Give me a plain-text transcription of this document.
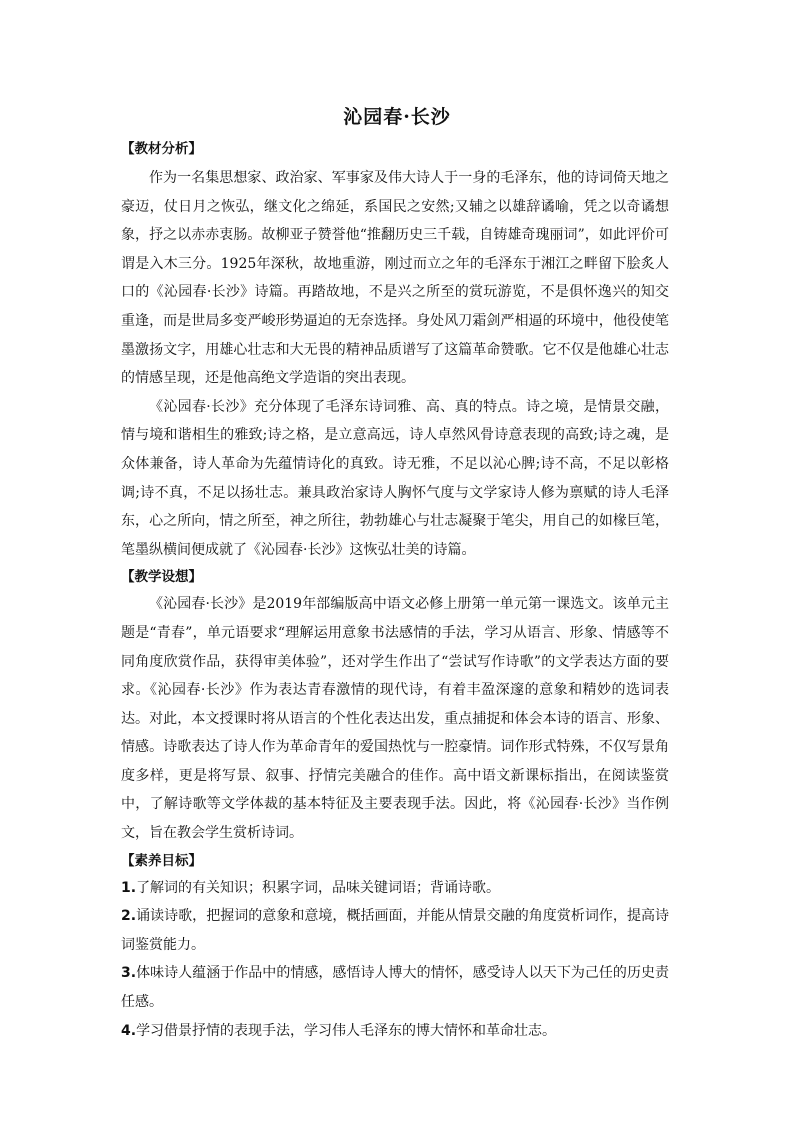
沁园春·长沙
【教材分析】

作为一名集思想家、政治家、军事家及伟大诗人于一身的毛泽东，他的诗词倚天地之豪迈，仗日月之恢弘，继文化之绵延，系国民之安然;又辅之以雄辞谲喻，凭之以奇谲想象，抒之以赤赤衷肠。故柳亚子赞誉他“推翻历史三千载，自铸雄奇瑰丽词”，如此评价可谓是入木三分。1925年深秋，故地重游，刚过而立之年的毛泽东于湘江之畔留下脍炙人口的《沁园春·长沙》诗篇。再踏故地，不是兴之所至的赏玩游览，不是俱怀逸兴的知交重逢，而是世局多变严峻形势逼迫的无奈选择。身处风刀霜剑严相逼的环境中，他役使笔墨激扬文字，用雄心壮志和大无畏的精神品质谱写了这篇革命赞歌。它不仅是他雄心壮志的情感呈现，还是他高绝文学造诣的突出表现。

《沁园春·长沙》充分体现了毛泽东诗词雅、高、真的特点。诗之境，是情景交融，情与境和谐相生的雅致;诗之格，是立意高远，诗人卓然风骨诗意表现的高致;诗之魂，是众体兼备，诗人革命为先蕴情诗化的真致。诗无雅，不足以沁心脾;诗不高，不足以彰格调;诗不真，不足以扬壮志。兼具政治家诗人胸怀气度与文学家诗人修为禀赋的诗人毛泽东，心之所向，情之所至，神之所往，勃勃雄心与壮志凝聚于笔尖，用自己的如椽巨笔，笔墨纵横间便成就了《沁园春·长沙》这恢弘壮美的诗篇。

【教学设想】

《沁园春·长沙》是2019年部编版高中语文必修上册第一单元第一课选文。该单元主题是“青春”，单元语要求“理解运用意象书法感情的手法，学习从语言、形象、情感等不同角度欣赏作品，获得审美体验”，还对学生作出了“尝试写作诗歌”的文学表达方面的要求。《沁园春·长沙》作为表达青春激情的现代诗，有着丰盈深邃的意象和精妙的选词表达。对此，本文授课时将从语言的个性化表达出发，重点捕捉和体会本诗的语言、形象、情感。诗歌表达了诗人作为革命青年的爱国热忱与一腔豪情。词作形式特殊，不仅写景角度多样，更是将写景、叙事、抒情完美融合的佳作。高中语文新课标指出，在阅读鉴赏中，了解诗歌等文学体裁的基本特征及主要表现手法。因此，将《沁园春·长沙》当作例文，旨在教会学生赏析诗词。

【素养目标】

1.了解词的有关知识；积累字词，品味关键词语；背诵诗歌。

2.诵读诗歌，把握词的意象和意境，概括画面，并能从情景交融的角度赏析词作，提高诗词鉴赏能力。

3.体味诗人蕴涵于作品中的情感，感悟诗人博大的情怀，感受诗人以天下为己任的历史责任感。

4.学习借景抒情的表现手法，学习伟人毛泽东的博大情怀和革命壮志。
